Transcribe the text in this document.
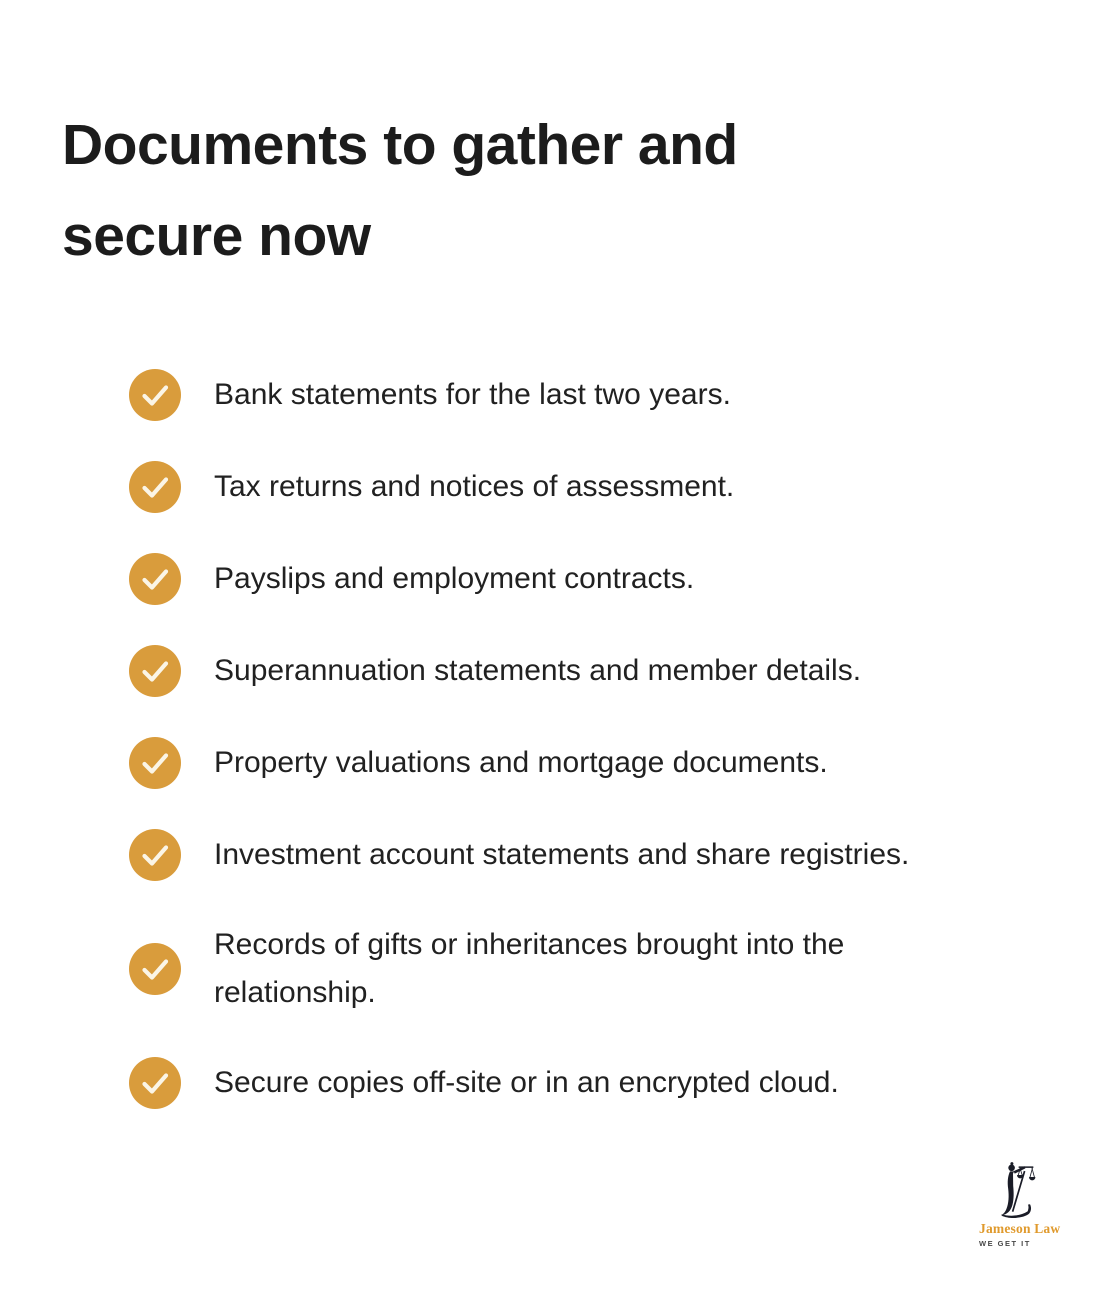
Documents to gather and secure now
Bank statements for the last two years.
Tax returns and notices of assessment.
Payslips and employment contracts.
Superannuation statements and member details.
Property valuations and mortgage documents.
Investment account statements and share registries.
Records of gifts or inheritances brought into the relationship.
Secure copies off-site or in an encrypted cloud.
Jameson Law
WE GET IT
